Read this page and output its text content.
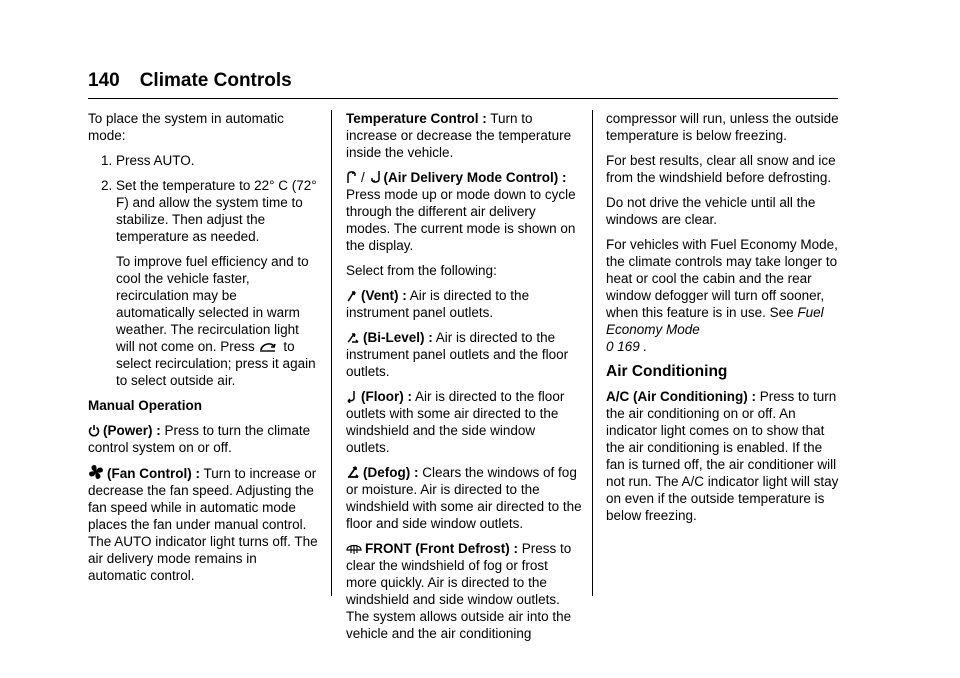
140 Climate Controls

To place the system in automatic mode:

1. Press AUTO.
2. Set the temperature to 22° C (72° F) and allow the system time to stabilize. Then adjust the temperature as needed.

To improve fuel efficiency and to cool the vehicle faster, recirculation may be automatically selected in warm weather. The recirculation light will not come on. Press to select recirculation; press it again to select outside air.

Manual Operation

(Power) : Press to turn the climate control system on or off.

(Fan Control) : Turn to increase or decrease the fan speed. Adjusting the fan speed while in automatic mode places the fan under manual control. The AUTO indicator light turns off. The air delivery mode remains in automatic control.

Temperature Control : Turn to increase or decrease the temperature inside the vehicle.

/ (Air Delivery Mode Control) : Press mode up or mode down to cycle through the different air delivery modes. The current mode is shown on the display.

Select from the following:

(Vent) : Air is directed to the instrument panel outlets.

(Bi-Level) : Air is directed to the instrument panel outlets and the floor outlets.

(Floor) : Air is directed to the floor outlets with some air directed to the windshield and the side window outlets.

(Defog) : Clears the windows of fog or moisture. Air is directed to the windshield with some air directed to the floor and side window outlets.

FRONT (Front Defrost) : Press to clear the windshield of fog or frost more quickly. Air is directed to the windshield and side window outlets. The system allows outside air into the vehicle and the air conditioning

compressor will run, unless the outside temperature is below freezing.

For best results, clear all snow and ice from the windshield before defrosting.

Do not drive the vehicle until all the windows are clear.

For vehicles with Fuel Economy Mode, the climate controls may take longer to heat or cool the cabin and the rear window defogger will turn off sooner, when this feature is in use. See Fuel Economy Mode
0 169 .

Air Conditioning

A/C (Air Conditioning) : Press to turn the air conditioning on or off. An indicator light comes on to show that the air conditioning is enabled. If the fan is turned off, the air conditioner will not run. The A/C indicator light will stay on even if the outside temperature is below freezing.
